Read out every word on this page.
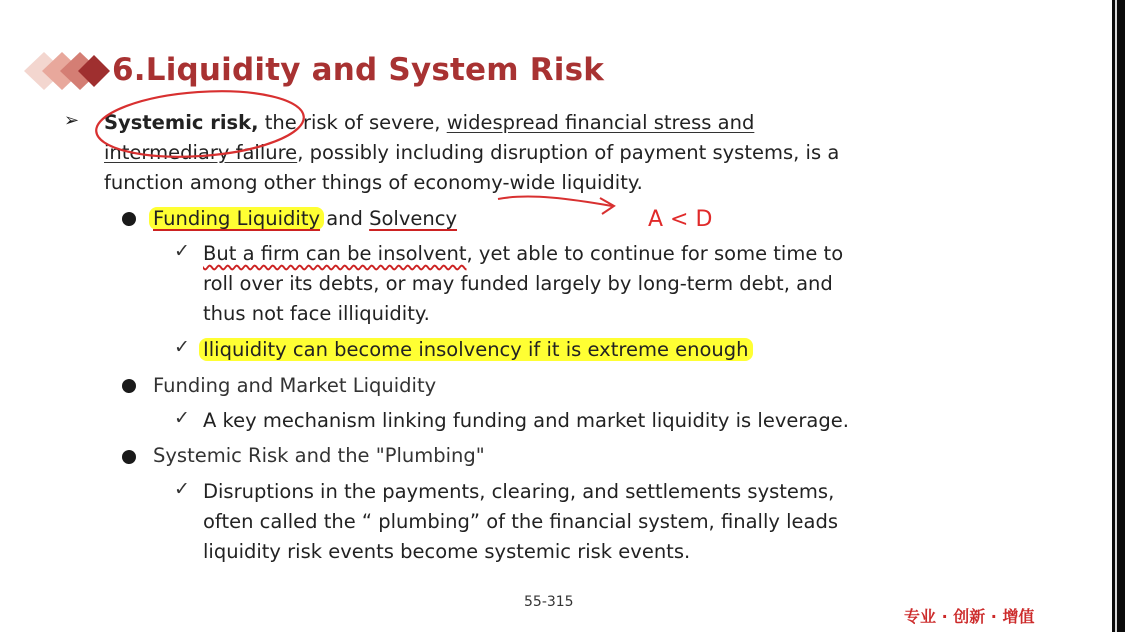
6.Liquidity and System Risk
➢ Systemic risk, the risk of severe, widespread financial stress and
intermediary failure, possibly including disruption of payment systems, is a
function among other things of economy-wide liquidity.
Funding Liquidity and Solvency
✓ But a firm can be insolvent, yet able to continue for some time to
roll over its debts, or may funded largely by long-term debt, and
thus not face illiquidity.
✓ Iliquidity can become insolvency if it is extreme enough
Funding and Market Liquidity
✓ A key mechanism linking funding and market liquidity is leverage.
Systemic Risk and the "Plumbing"
✓ Disruptions in the payments, clearing, and settlements systems,
often called the “ plumbing” of the financial system, finally leads
liquidity risk events become systemic risk events.
A < D
55-315
专业 · 创新 · 增值
